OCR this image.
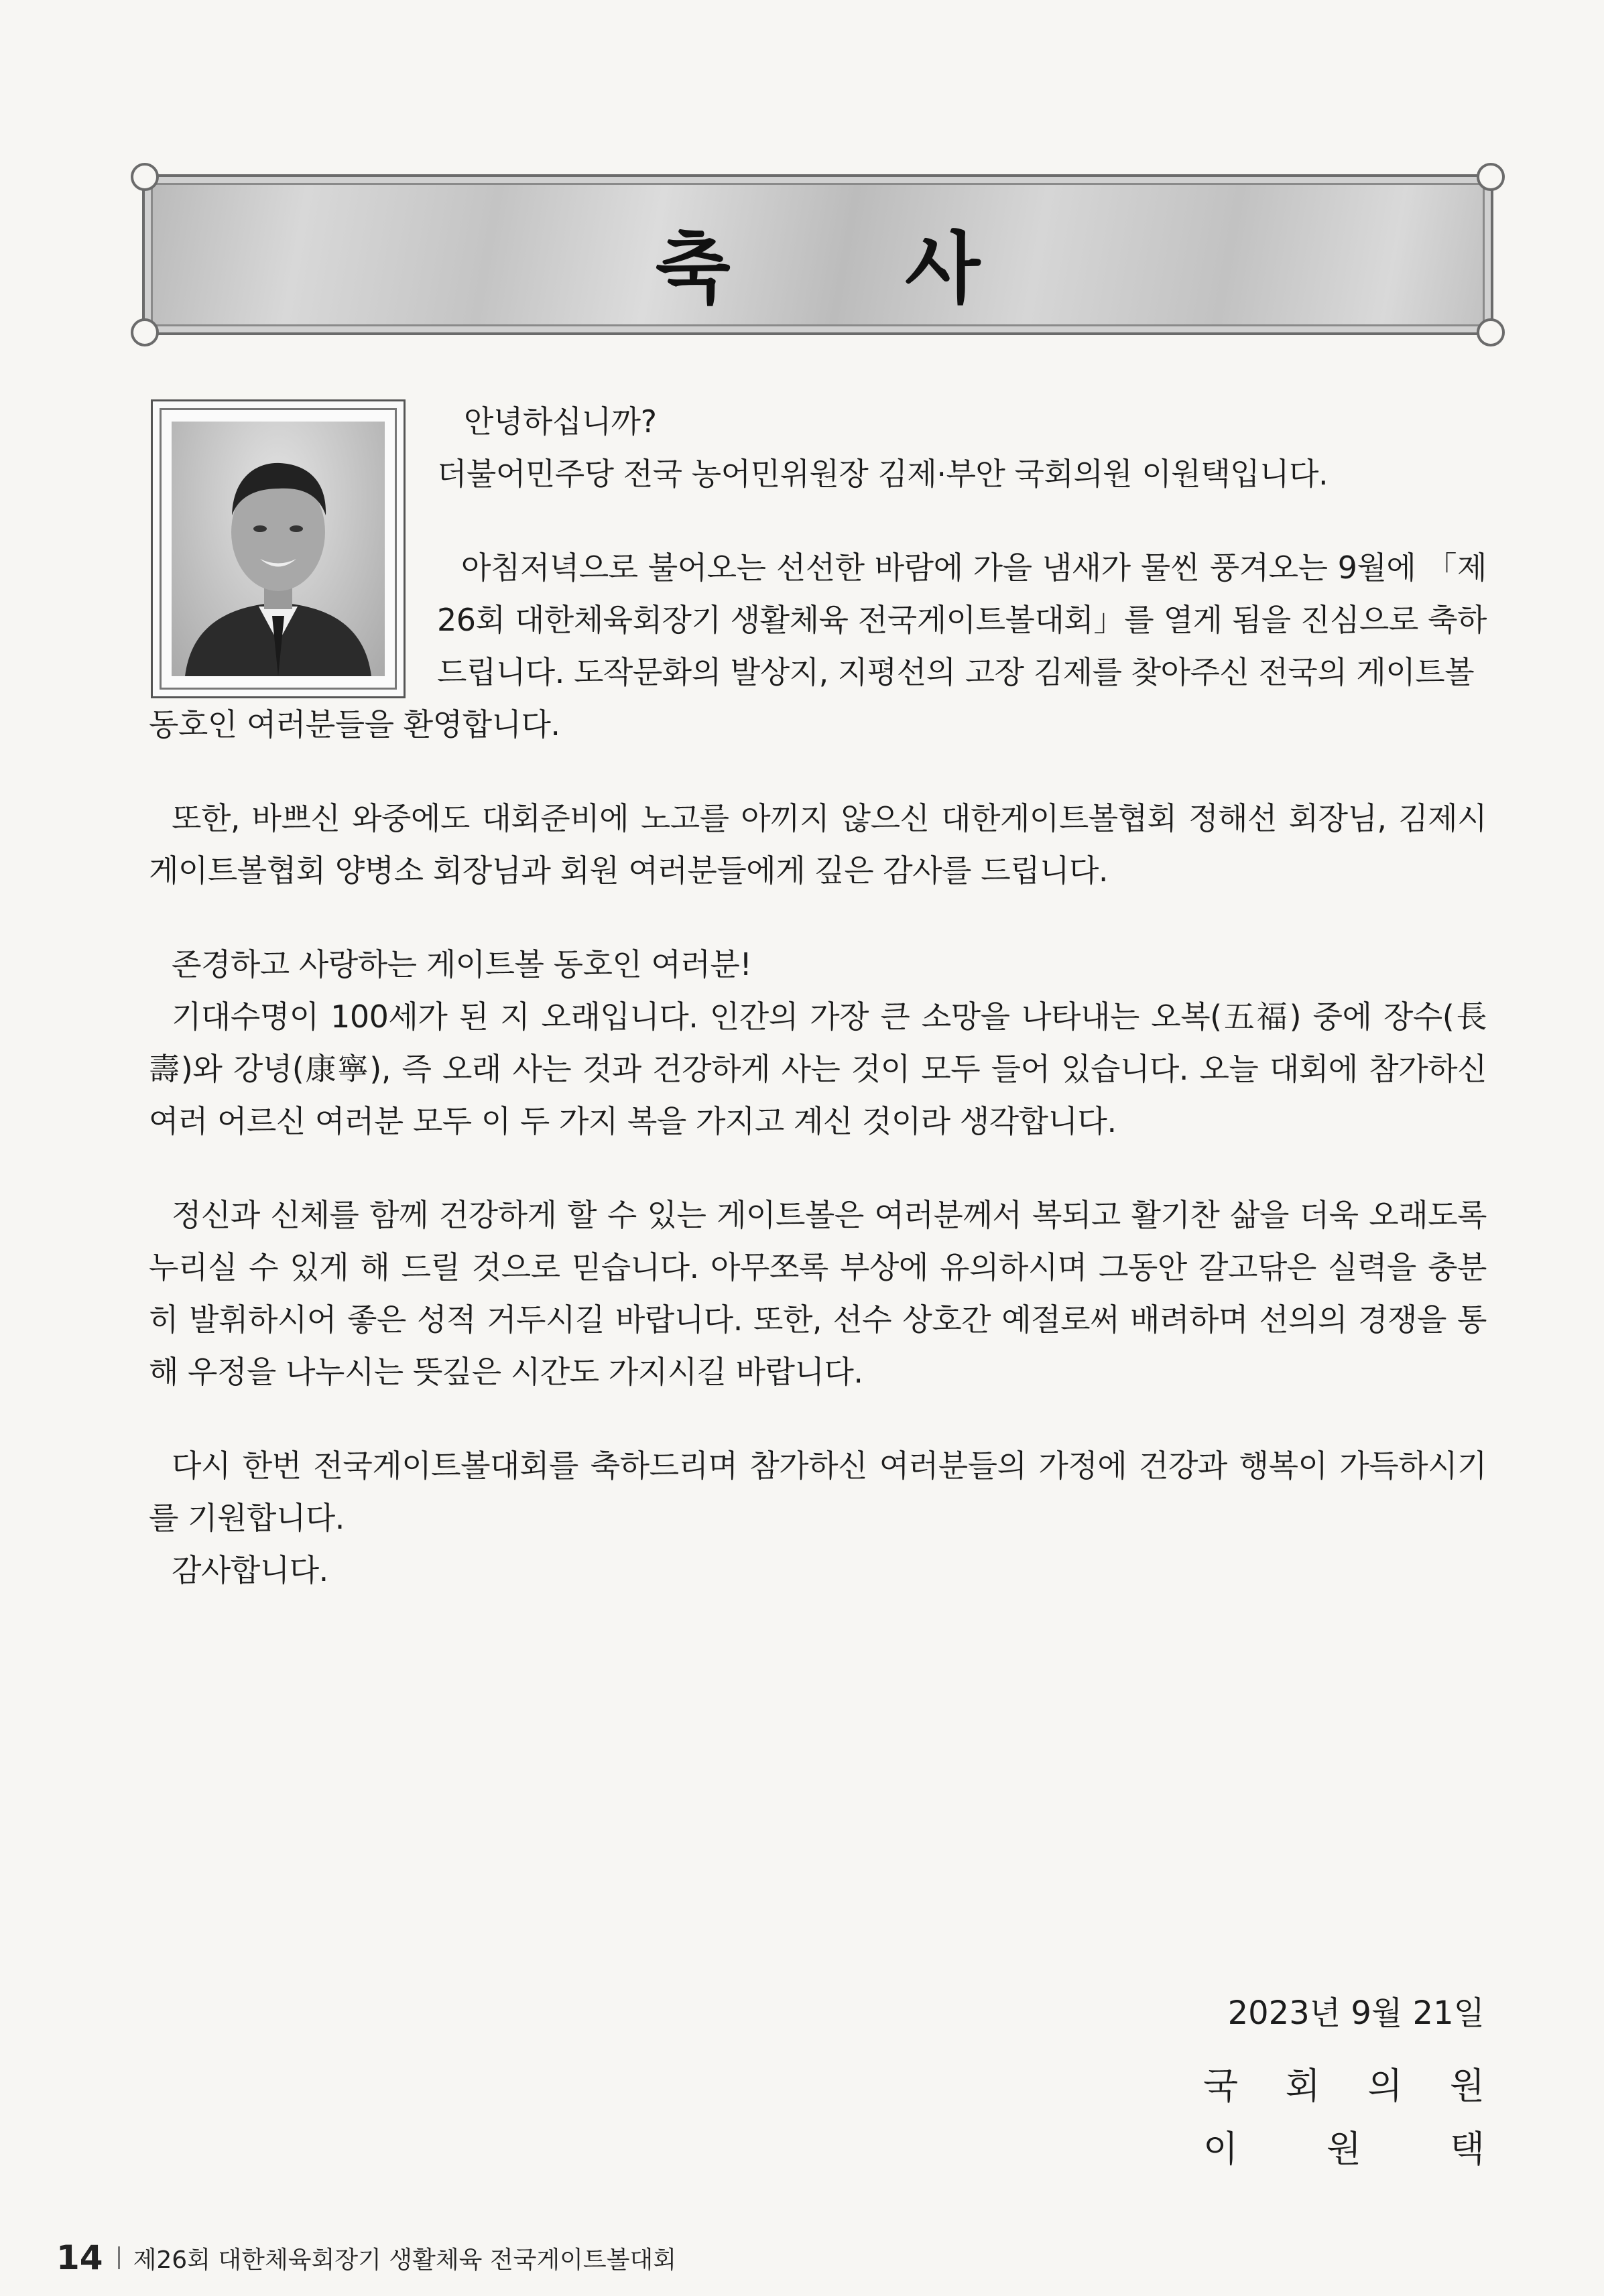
축 사

안녕하십니까?

더불어민주당 전국 농어민위원장 김제·부안 국회의원 이원택입니다.

아침저녁으로 불어오는 선선한 바람에 가을 냄새가 물씬 풍겨오는 9월에 「제 26회 대한체육회장기 생활체육 전국게이트볼대회」를 열게 됨을 진심으로 축하드립니다. 도작문화의 발상지, 지평선의 고장 김제를 찾아주신 전국의 게이트볼

동호인 여러분들을 환영합니다.

또한, 바쁘신 와중에도 대회준비에 노고를 아끼지 않으신 대한게이트볼협회 정해선 회장님, 김제시게이트볼협회 양병소 회장님과 회원 여러분들에게 깊은 감사를 드립니다.

존경하고 사랑하는 게이트볼 동호인 여러분!

기대수명이 100세가 된 지 오래입니다. 인간의 가장 큰 소망을 나타내는 오복(五福) 중에 장수(長壽)와 강녕(康寧), 즉 오래 사는 것과 건강하게 사는 것이 모두 들어 있습니다. 오늘 대회에 참가하신 여러 어르신 여러분 모두 이 두 가지 복을 가지고 계신 것이라 생각합니다.

정신과 신체를 함께 건강하게 할 수 있는 게이트볼은 여러분께서 복되고 활기찬 삶을 더욱 오래도록 누리실 수 있게 해 드릴 것으로 믿습니다. 아무쪼록 부상에 유의하시며 그동안 갈고닦은 실력을 충분히 발휘하시어 좋은 성적 거두시길 바랍니다. 또한, 선수 상호간 예절로써 배려하며 선의의 경쟁을 통해 우정을 나누시는 뜻깊은 시간도 가지시길 바랍니다.

다시 한번 전국게이트볼대회를 축하드리며 참가하신 여러분들의 가정에 건강과 행복이 가득하시기를 기원합니다.

감사합니다.

2023년 9월 21일
국 회 의 원
이 원 택
14 제26회 대한체육회장기 생활체육 전국게이트볼대회
